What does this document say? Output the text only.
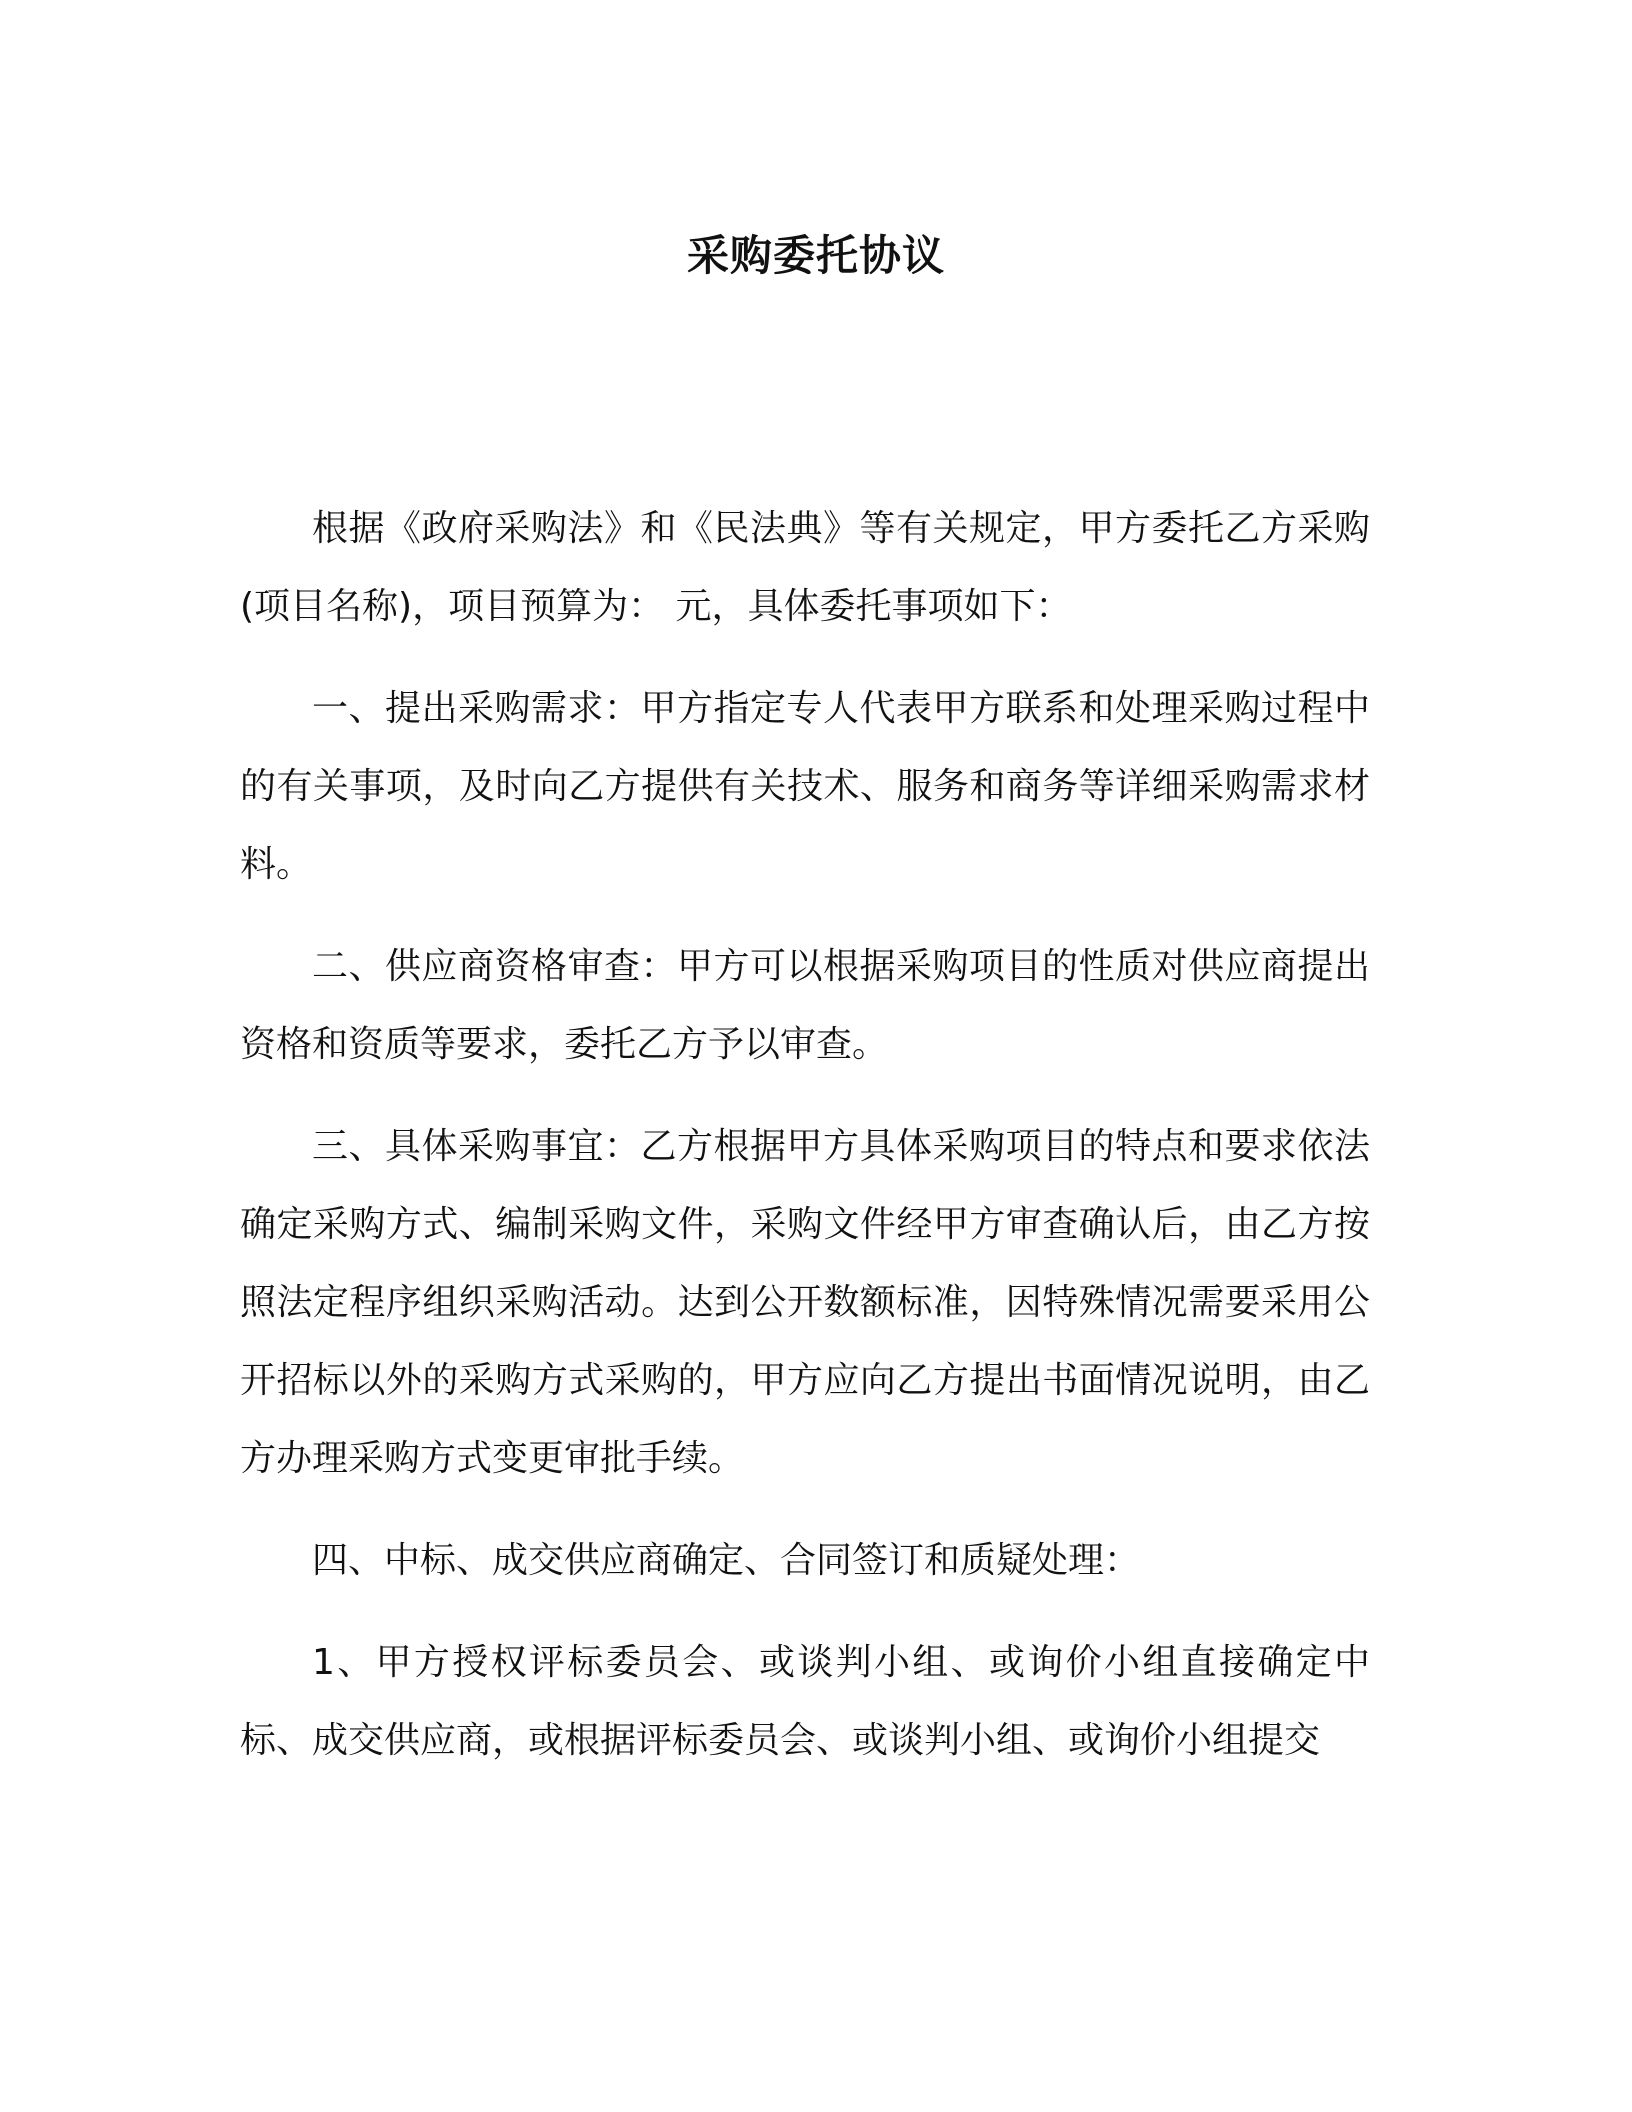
采购委托协议

根据《政府采购法》和《民法典》等有关规定，甲方委托乙方采购 (项目名称)，项目预算为： 元，具体委托事项如下：

一、提出采购需求：甲方指定专人代表甲方联系和处理采购过程中的有关事项，及时向乙方提供有关技术、服务和商务等详细采购需求材料。

二、供应商资格审查：甲方可以根据采购项目的性质对供应商提出资格和资质等要求，委托乙方予以审查。

三、具体采购事宜：乙方根据甲方具体采购项目的特点和要求依法确定采购方式、编制采购文件，采购文件经甲方审查确认后，由乙方按照法定程序组织采购活动。达到公开数额标准，因特殊情况需要采用公开招标以外的采购方式采购的，甲方应向乙方提出书面情况说明，由乙方办理采购方式变更审批手续。

四、中标、成交供应商确定、合同签订和质疑处理：

1、甲方授权评标委员会、或谈判小组、或询价小组直接确定中标、成交供应商，或根据评标委员会、或谈判小组、或询价小组提交
